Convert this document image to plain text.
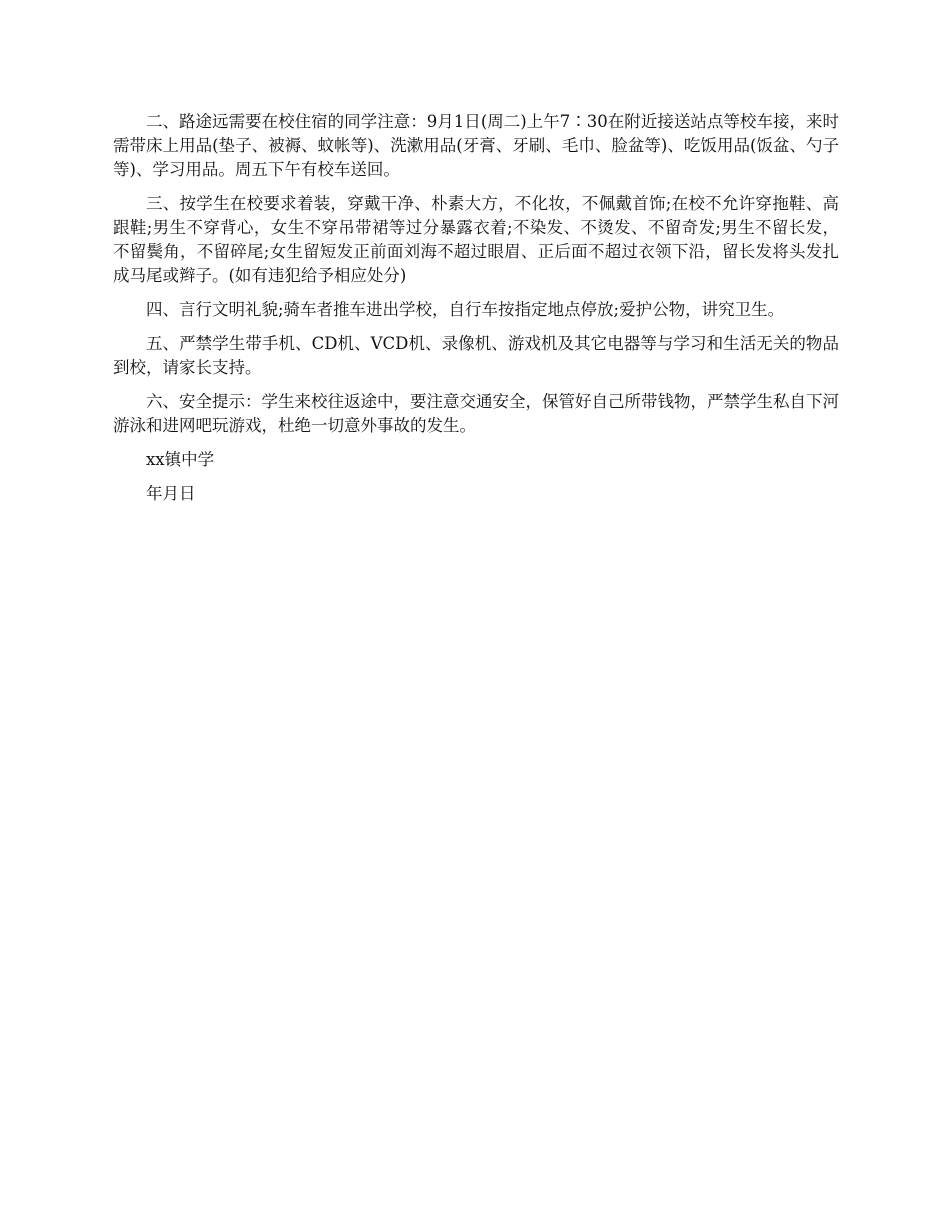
二、路途远需要在校住宿的同学注意：9月1日(周二)上午7∶30在附近接送站点等校车接，来时需带床上用品(垫子、被褥、蚊帐等)、洗漱用品(牙膏、牙刷、毛巾、脸盆等)、吃饭用品(饭盆、勺子等)、学习用品。周五下午有校车送回。

三、按学生在校要求着装，穿戴干净、朴素大方，不化妆，不佩戴首饰;在校不允许穿拖鞋、高跟鞋;男生不穿背心，女生不穿吊带裙等过分暴露衣着;不染发、不烫发、不留奇发;男生不留长发，不留鬓角，不留碎尾;女生留短发正前面刘海不超过眼眉、正后面不超过衣领下沿，留长发将头发扎成马尾或辫子。(如有违犯给予相应处分)

四、言行文明礼貌;骑车者推车进出学校，自行车按指定地点停放;爱护公物，讲究卫生。

五、严禁学生带手机、CD机、VCD机、录像机、游戏机及其它电器等与学习和生活无关的物品到校，请家长支持。

六、安全提示：学生来校往返途中，要注意交通安全，保管好自己所带钱物，严禁学生私自下河游泳和进网吧玩游戏，杜绝一切意外事故的发生。

xx镇中学

年月日
